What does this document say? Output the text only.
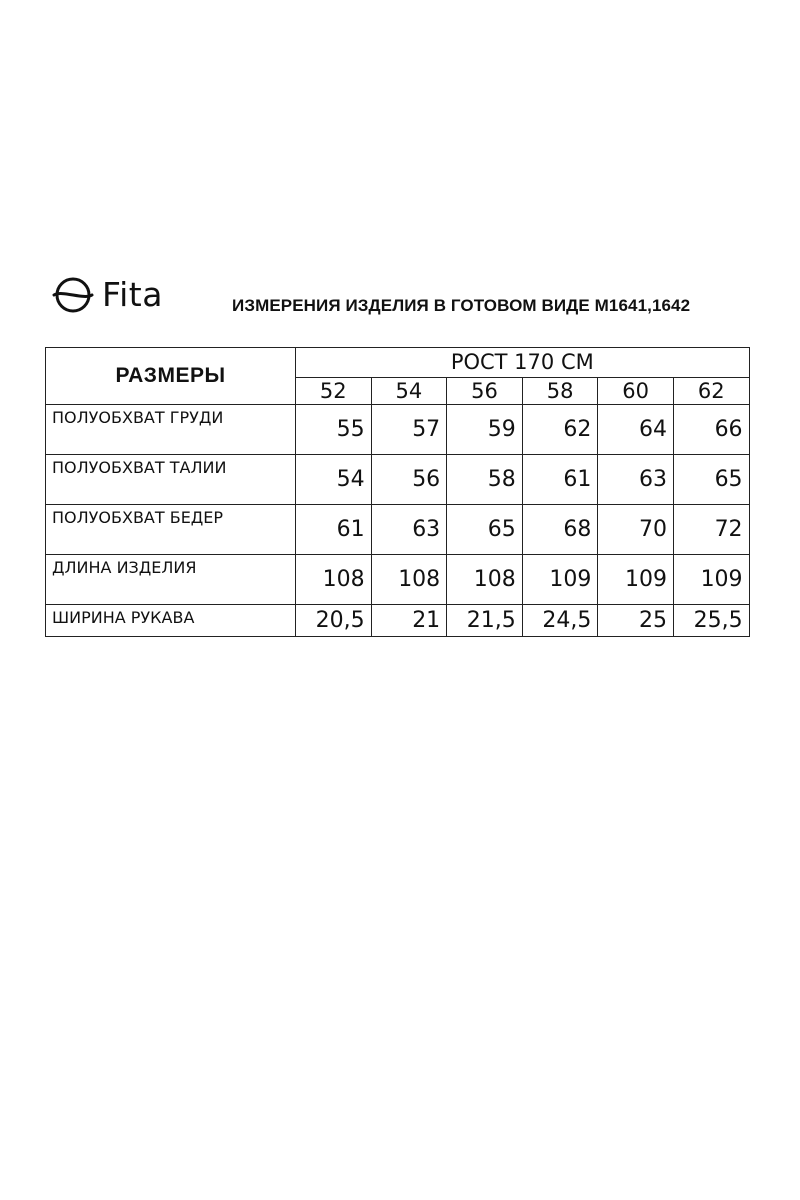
Fita	ИЗМЕРЕНИЯ ИЗДЕЛИЯ В ГОТОВОМ ВИДЕ М1641,1642
РАЗМЕРЫ	РОСТ 170 СМ					
	52	54	56	58	60	62
ПОЛУОБХВАТ ГРУДИ	55	57	59	62	64	66
ПОЛУОБХВАТ ТАЛИИ	54	56	58	61	63	65
ПОЛУОБХВАТ БЕДЕР	61	63	65	68	70	72
ДЛИНА ИЗДЕЛИЯ	108	108	108	109	109	109
ШИРИНА РУКАВА	20,5	21	21,5	24,5	25	25,5
